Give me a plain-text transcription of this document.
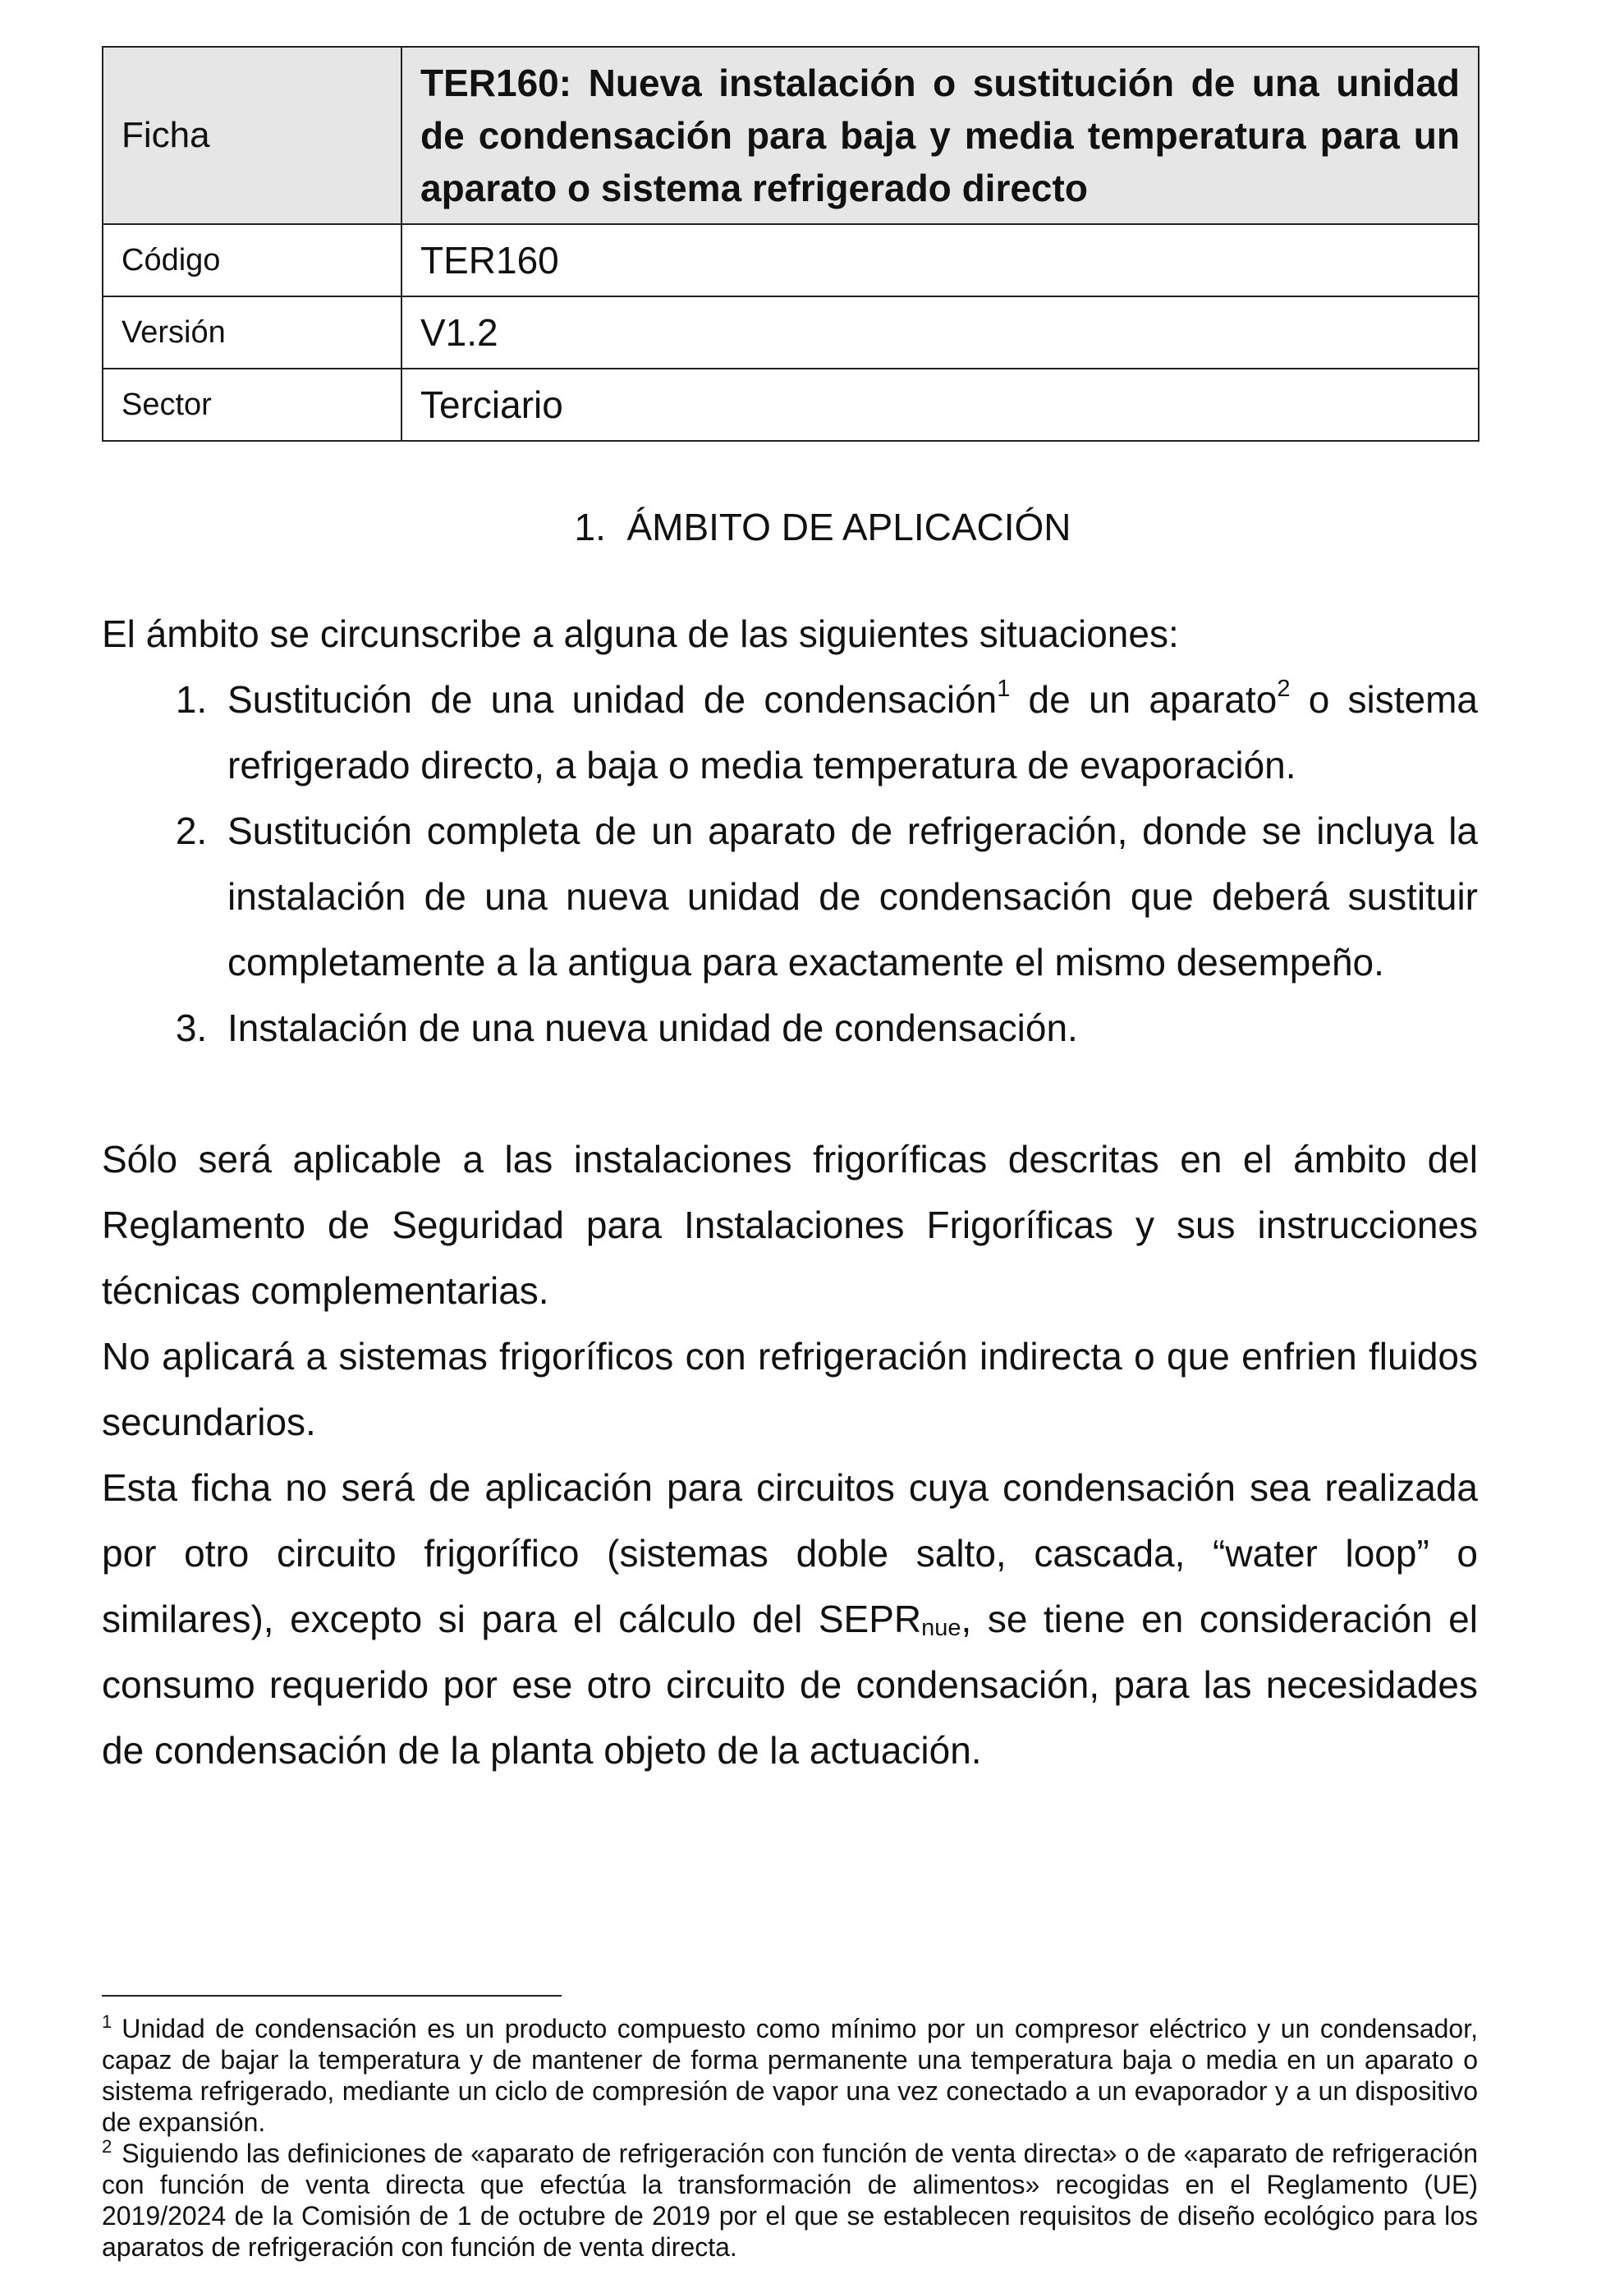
Ficha	TER160: Nueva instalación o sustitución de una unidad de condensación para baja y media temperatura para un aparato o sistema refrigerado directo

Código	TER160
Versión	V1.2
Sector	Terciario
1. ÁMBITO DE APLICACIÓN

El ámbito se circunscribe a alguna de las siguientes situaciones:

1. Sustitución de una unidad de condensación$^1$ de un aparato$^2$ o sistema refrigerado directo, a baja o media temperatura de evaporación.
2. Sustitución completa de un aparato de refrigeración, donde se incluya la instalación de una nueva unidad de condensación que deberá sustituir completamente a la antigua para exactamente el mismo desempeño.
3. Instalación de una nueva unidad de condensación.

Sólo será aplicable a las instalaciones frigoríficas descritas en el ámbito del Reglamento de Seguridad para Instalaciones Frigoríficas y sus instrucciones técnicas complementarias.

No aplicará a sistemas frigoríficos con refrigeración indirecta o que enfrien fluidos secundarios.

Esta ficha no será de aplicación para circuitos cuya condensación sea realizada por otro circuito frigorífico (sistemas doble salto, cascada, “water loop” o similares), excepto si para el cálculo del $SEPR_{nue}$, se tiene en consideración el consumo requerido por ese otro circuito de condensación, para las necesidades de condensación de la planta objeto de la actuación.

$^1$ Unidad de condensación es un producto compuesto como mínimo por un compresor eléctrico y un condensador, capaz de bajar la temperatura y de mantener de forma permanente una temperatura baja o media en un aparato o sistema refrigerado, mediante un ciclo de compresión de vapor una vez conectado a un evaporador y a un dispositivo de expansión.

$^2$ Siguiendo las definiciones de «aparato de refrigeración con función de venta directa» o de «aparato de refrigeración con función de venta directa que efectúa la transformación de alimentos» recogidas en el Reglamento (UE) 2019/2024 de la Comisión de 1 de octubre de 2019 por el que se establecen requisitos de diseño ecológico para los aparatos de refrigeración con función de venta directa.
